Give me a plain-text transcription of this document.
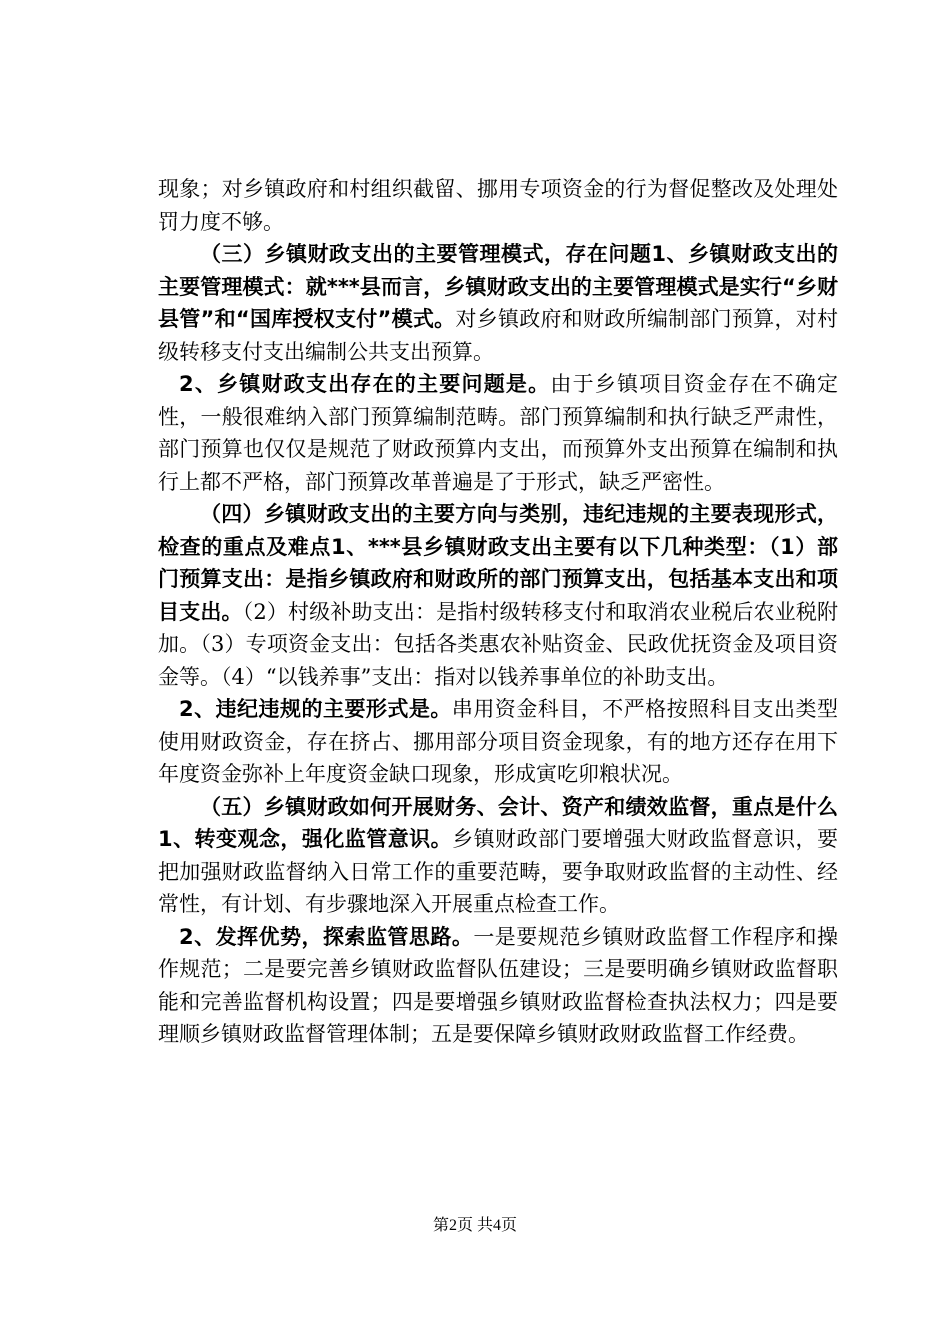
现象；对乡镇政府和村组织截留、挪用专项资金的行为督促整改及处理处罚力度不够。

（三）乡镇财政支出的主要管理模式，存在问题1、乡镇财政支出的主要管理模式：就***县而言，乡镇财政支出的主要管理模式是实行“乡财县管”和“国库授权支付”模式。对乡镇政府和财政所编制部门预算，对村级转移支付支出编制公共支出预算。

2、乡镇财政支出存在的主要问题是。由于乡镇项目资金存在不确定性，一般很难纳入部门预算编制范畴。部门预算编制和执行缺乏严肃性，部门预算也仅仅是规范了财政预算内支出，而预算外支出预算在编制和执行上都不严格，部门预算改革普遍是了于形式，缺乏严密性。

（四）乡镇财政支出的主要方向与类别，违纪违规的主要表现形式，检查的重点及难点1、***县乡镇财政支出主要有以下几种类型：（1）部门预算支出：是指乡镇政府和财政所的部门预算支出，包括基本支出和项目支出。（2）村级补助支出：是指村级转移支付和取消农业税后农业税附加。（3）专项资金支出：包括各类惠农补贴资金、民政优抚资金及项目资金等。（4）“以钱养事”支出：指对以钱养事单位的补助支出。

2、违纪违规的主要形式是。串用资金科目，不严格按照科目支出类型使用财政资金，存在挤占、挪用部分项目资金现象，有的地方还存在用下年度资金弥补上年度资金缺口现象，形成寅吃卯粮状况。

（五）乡镇财政如何开展财务、会计、资产和绩效监督，重点是什么1、转变观念，强化监管意识。乡镇财政部门要增强大财政监督意识，要把加强财政监督纳入日常工作的重要范畴，要争取财政监督的主动性、经常性，有计划、有步骤地深入开展重点检查工作。

2、发挥优势，探索监管思路。一是要规范乡镇财政监督工作程序和操作规范；二是要完善乡镇财政监督队伍建设；三是要明确乡镇财政监督职能和完善监督机构设置；四是要增强乡镇财政监督检查执法权力；四是要理顺乡镇财政监督管理体制；五是要保障乡镇财政财政监督工作经费。

第2页 共4页
